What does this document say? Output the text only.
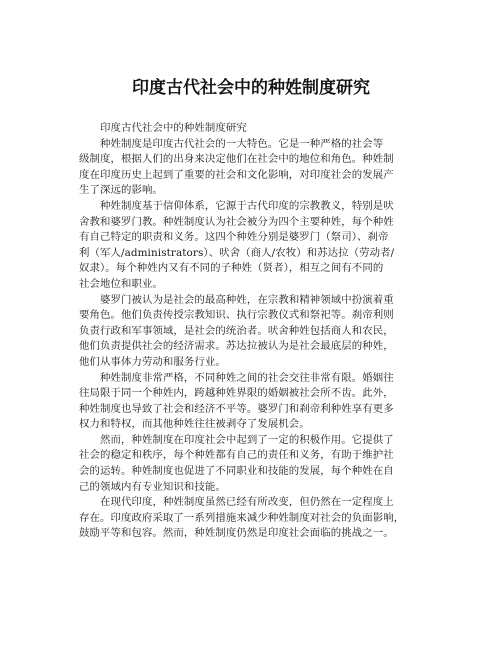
印度古代社会中的种姓制度研究
印度古代社会中的种姓制度研究
种姓制度是印度古代社会的一大特色。它是一种严格的社会等
级制度，根据人们的出身来决定他们在社会中的地位和角色。种姓制
度在印度历史上起到了重要的社会和文化影响，对印度社会的发展产
生了深远的影响。
种姓制度基于信仰体系，它源于古代印度的宗教教义，特别是吠
舍教和婆罗门教。种姓制度认为社会被分为四个主要种姓，每个种姓
有自己特定的职责和义务。这四个种姓分别是婆罗门（祭司）、刹帝
利（军人/administrators）、吠舍（商人/农牧）和苏达拉（劳动者/
奴隶）。每个种姓内又有不同的子种姓（贤者），相互之间有不同的
社会地位和职业。
婆罗门被认为是社会的最高种姓，在宗教和精神领域中扮演着重
要角色。他们负责传授宗教知识、执行宗教仪式和祭祀等。刹帝利则
负责行政和军事领域，是社会的统治者。吠舍种姓包括商人和农民，
他们负责提供社会的经济需求。苏达拉被认为是社会最底层的种姓，
他们从事体力劳动和服务行业。
种姓制度非常严格，不同种姓之间的社会交往非常有限。婚姻往
往局限于同一个种姓内，跨越种姓界限的婚姻被社会所不齿。此外，
种姓制度也导致了社会和经济不平等。婆罗门和刹帝利种姓享有更多
权力和特权，而其他种姓往往被剥夺了发展机会。
然而，种姓制度在印度社会中起到了一定的积极作用。它提供了
社会的稳定和秩序，每个种姓都有自己的责任和义务，有助于维护社
会的运转。种姓制度也促进了不同职业和技能的发展，每个种姓在自
己的领域内有专业知识和技能。
在现代印度，种姓制度虽然已经有所改变，但仍然在一定程度上
存在。印度政府采取了一系列措施来减少种姓制度对社会的负面影响，
鼓励平等和包容。然而，种姓制度仍然是印度社会面临的挑战之一。
